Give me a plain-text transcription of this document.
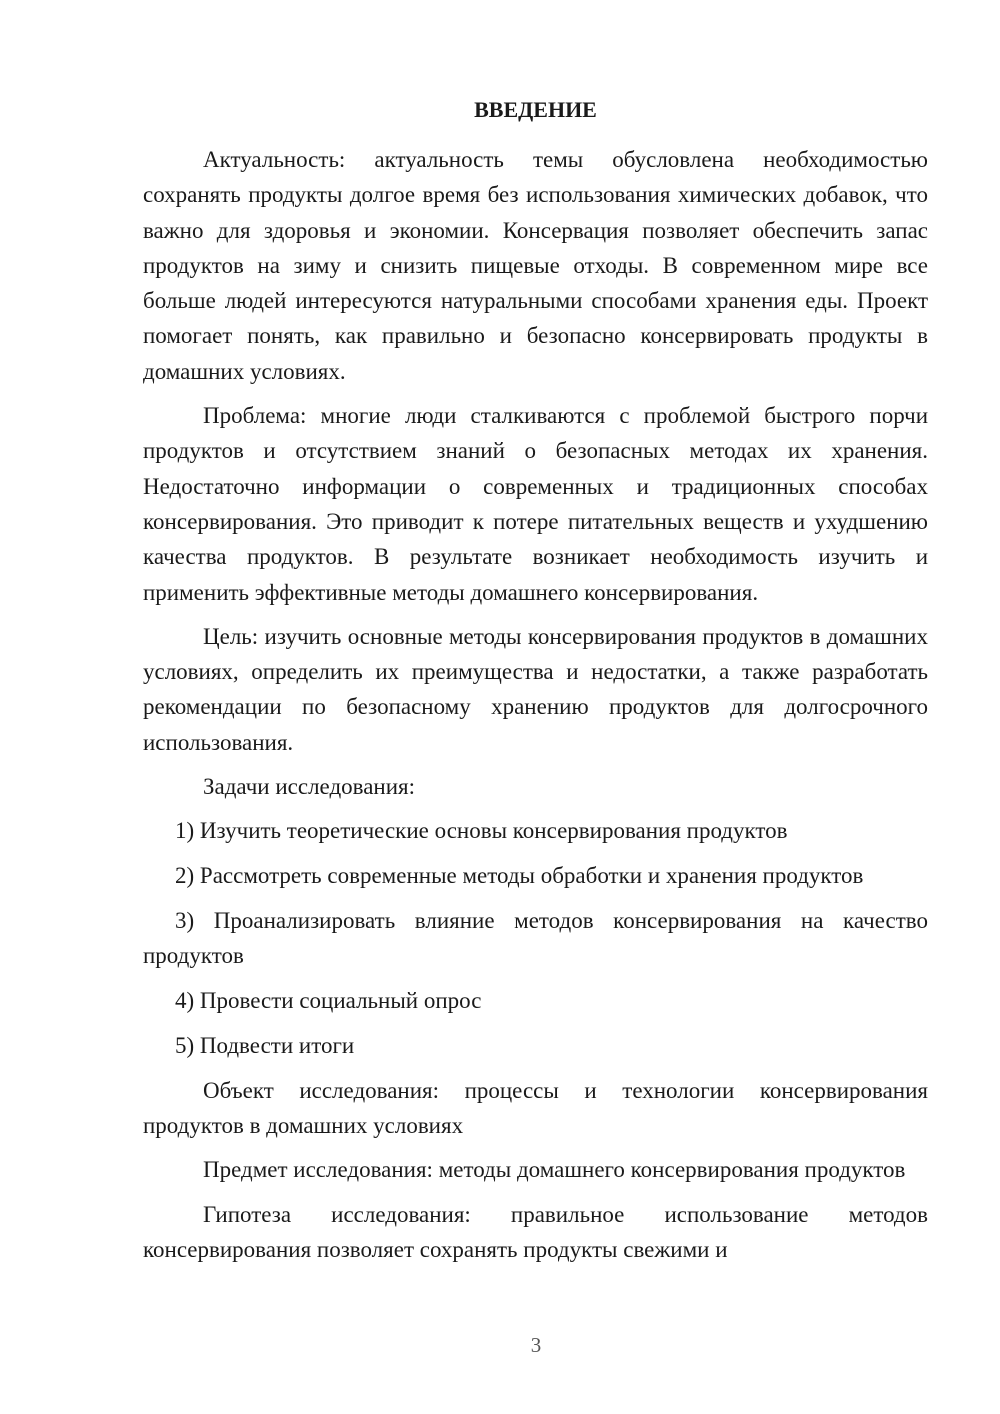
ВВЕДЕНИЕ

Актуальность: актуальность темы обусловлена необходимостью сохранять продукты долгое время без использования химических добавок, что важно для здоровья и экономии. Консервация позволяет обеспечить запас продуктов на зиму и снизить пищевые отходы. В современном мире все больше людей интересуются натуральными способами хранения еды. Проект помогает понять, как правильно и безопасно консервировать продукты в домашних условиях.

Проблема: многие люди сталкиваются с проблемой быстрого порчи продуктов и отсутствием знаний о безопасных методах их хранения. Недостаточно информации о современных и традиционных способах консервирования. Это приводит к потере питательных веществ и ухудшению качества продуктов. В результате возникает необходимость изучить и применить эффективные методы домашнего консервирования.

Цель: изучить основные методы консервирования продуктов в домашних условиях, определить их преимущества и недостатки, а также разработать рекомендации по безопасному хранению продуктов для долгосрочного использования.

Задачи исследования:

1) Изучить теоретические основы консервирования продуктов

2) Рассмотреть современные методы обработки и хранения продуктов

3) Проанализировать влияние методов консервирования на качество продуктов

4) Провести социальный опрос

5) Подвести итоги

Объект исследования: процессы и технологии консервирования продуктов в домашних условиях

Предмет исследования: методы домашнего консервирования продуктов

Гипотеза исследования: правильное использование методов консервирования позволяет сохранять продукты свежими и

3
